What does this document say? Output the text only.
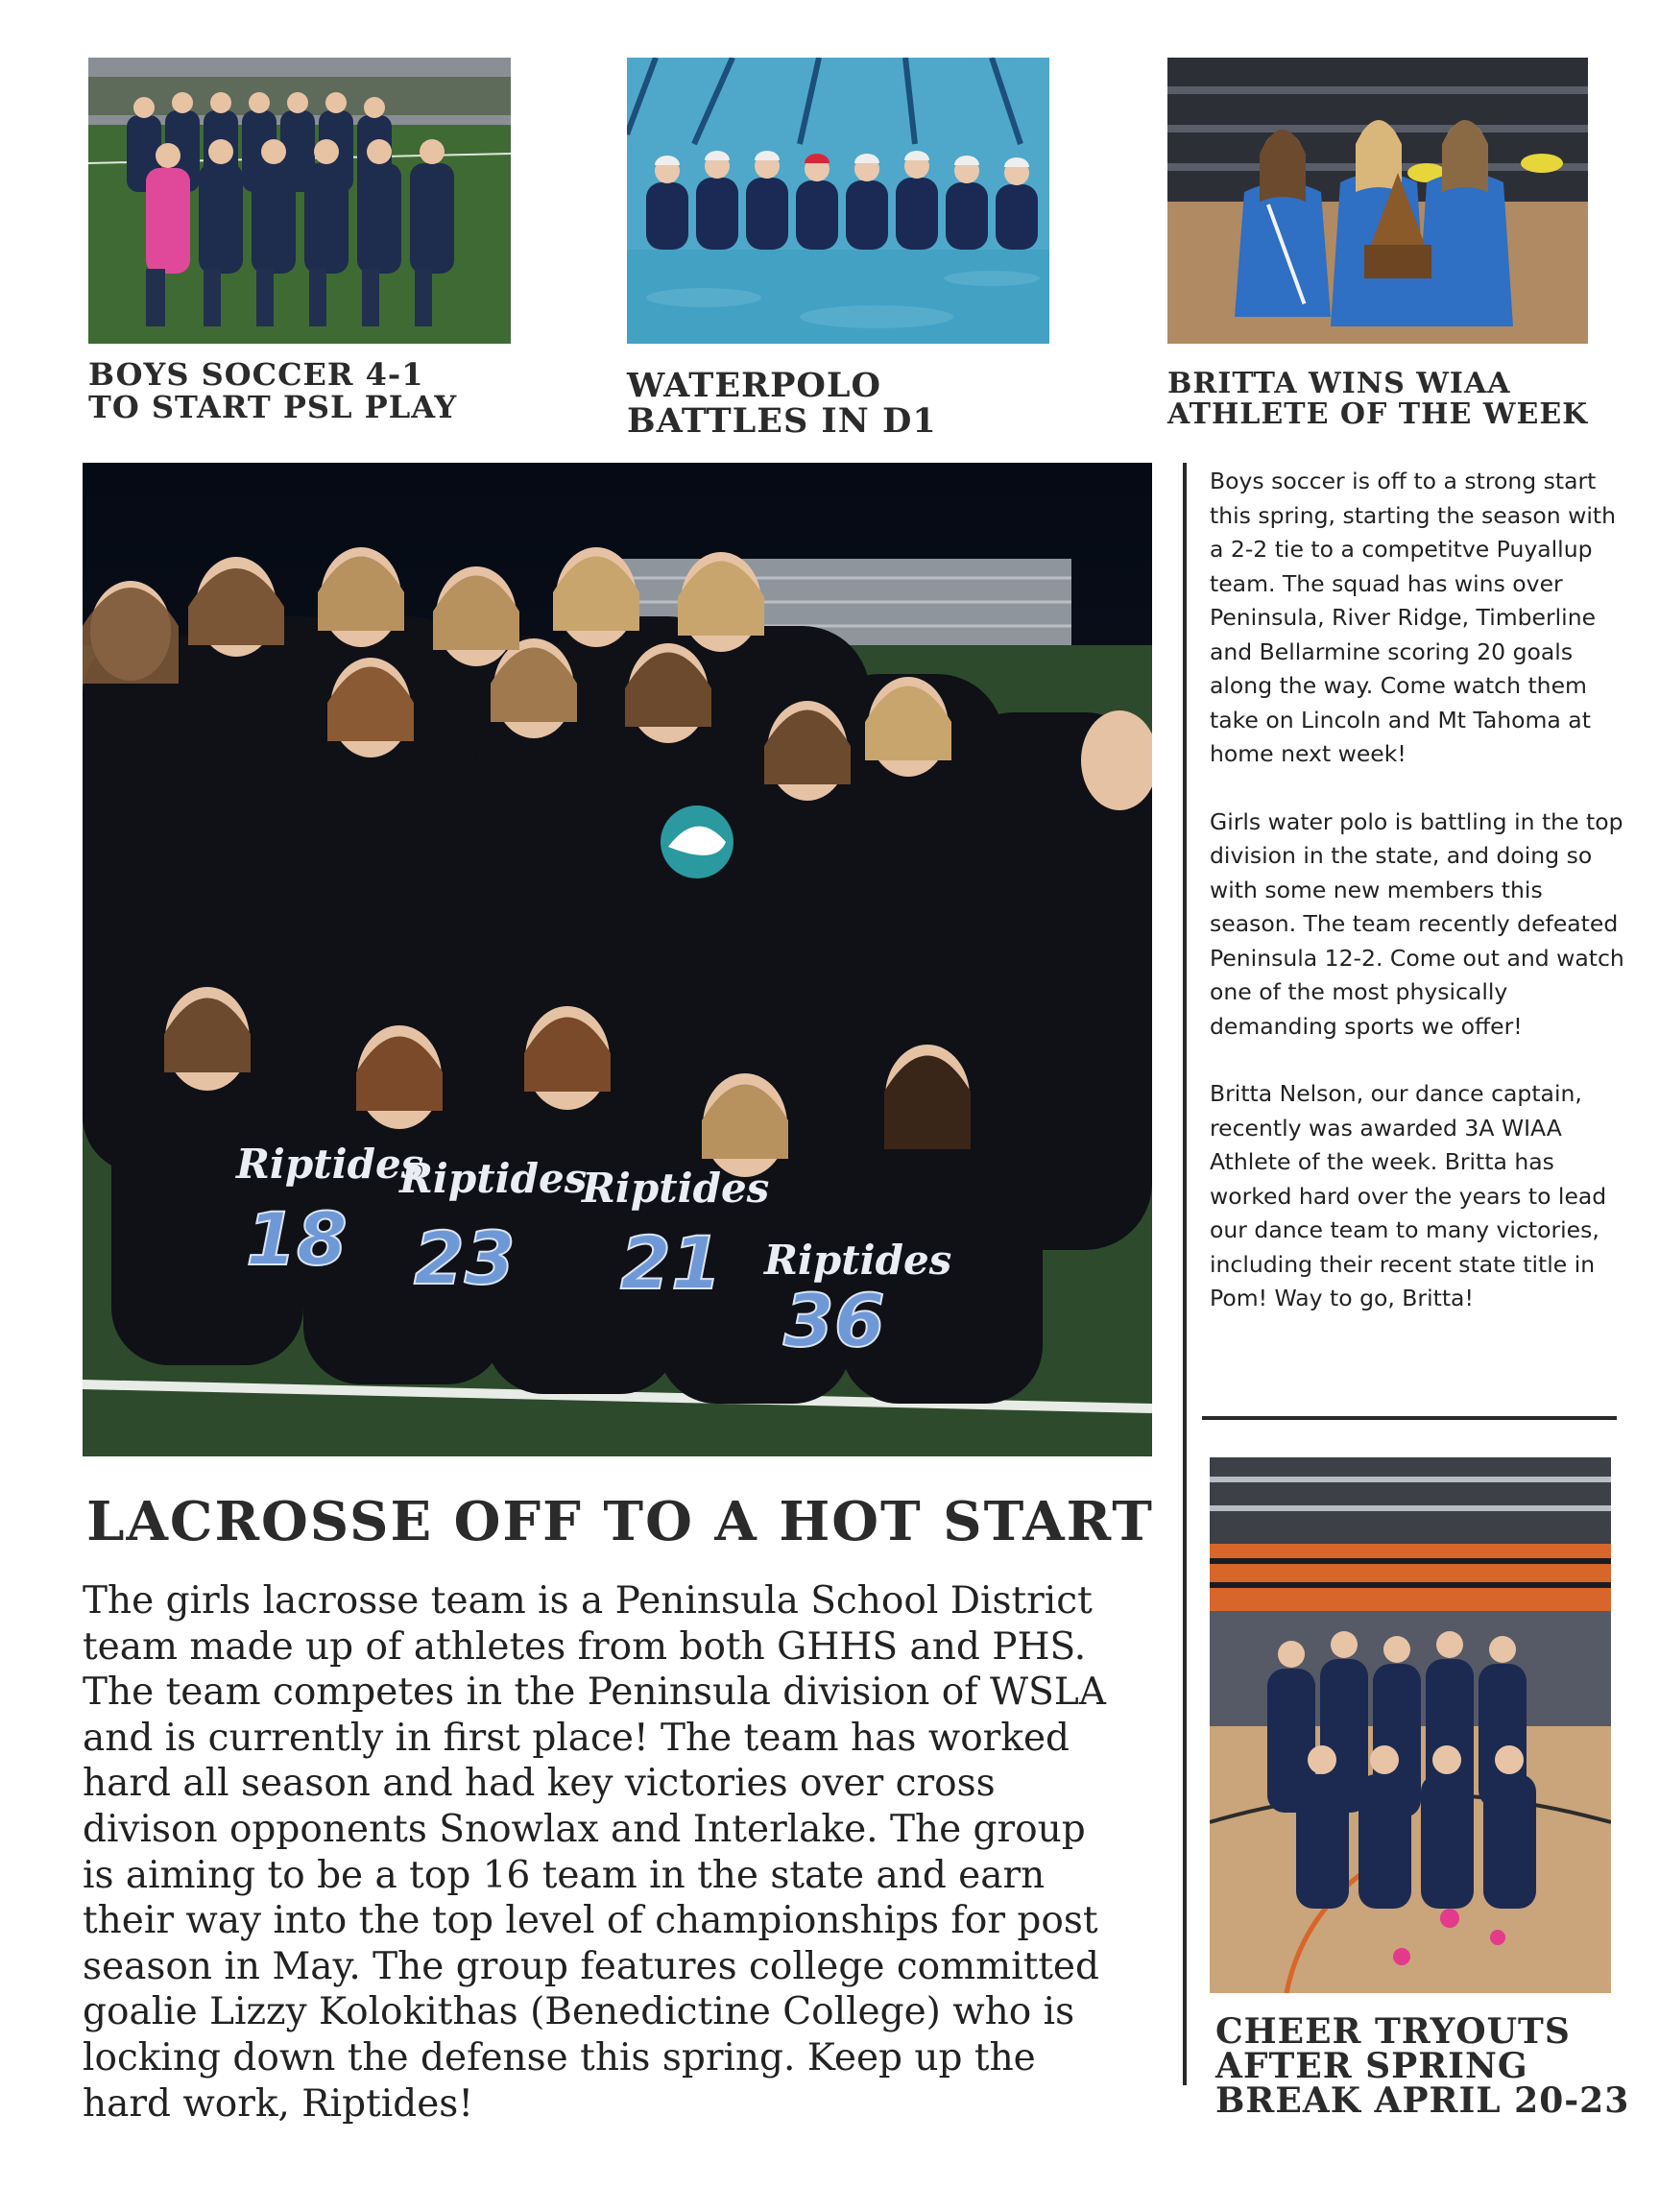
BOYS SOCCER 4-1
TO START PSL PLAY
WATERPOLO
BATTLES IN D1
BRITTA WINS WIAA
ATHLETE OF THE WEEK
Riptides
Riptides
Riptides
Riptides
18 23 21
36

Boys soccer is off to a strong start this spring, starting the season with a 2-2 tie to a competitve Puyallup team. The squad has wins over Peninsula, River Ridge, Timberline and Bellarmine scoring 20 goals along the way. Come watch them take on Lincoln and Mt Tahoma at home next week!

Girls water polo is battling in the top division in the state, and doing so with some new members this season. The team recently defeated Peninsula 12-2. Come out and watch one of the most physically demanding sports we offer!

Britta Nelson, our dance captain, recently was awarded 3A WIAA Athlete of the week. Britta has worked hard over the years to lead our dance team to many victories, including their recent state title in Pom! Way to go, Britta!

CHEER TRYOUTS
AFTER SPRING
BREAK APRIL 20-23
LACROSSE OFF TO A HOT START
The girls lacrosse team is a Peninsula School District
team made up of athletes from both GHHS and PHS.
The team competes in the Peninsula division of WSLA
and is currently in first place! The team has worked
hard all season and had key victories over cross
divison opponents Snowlax and Interlake. The group
is aiming to be a top 16 team in the state and earn
their way into the top level of championships for post
season in May. The group features college committed
goalie Lizzy Kolokithas (Benedictine College) who is
locking down the defense this spring. Keep up the
hard work, Riptides!
